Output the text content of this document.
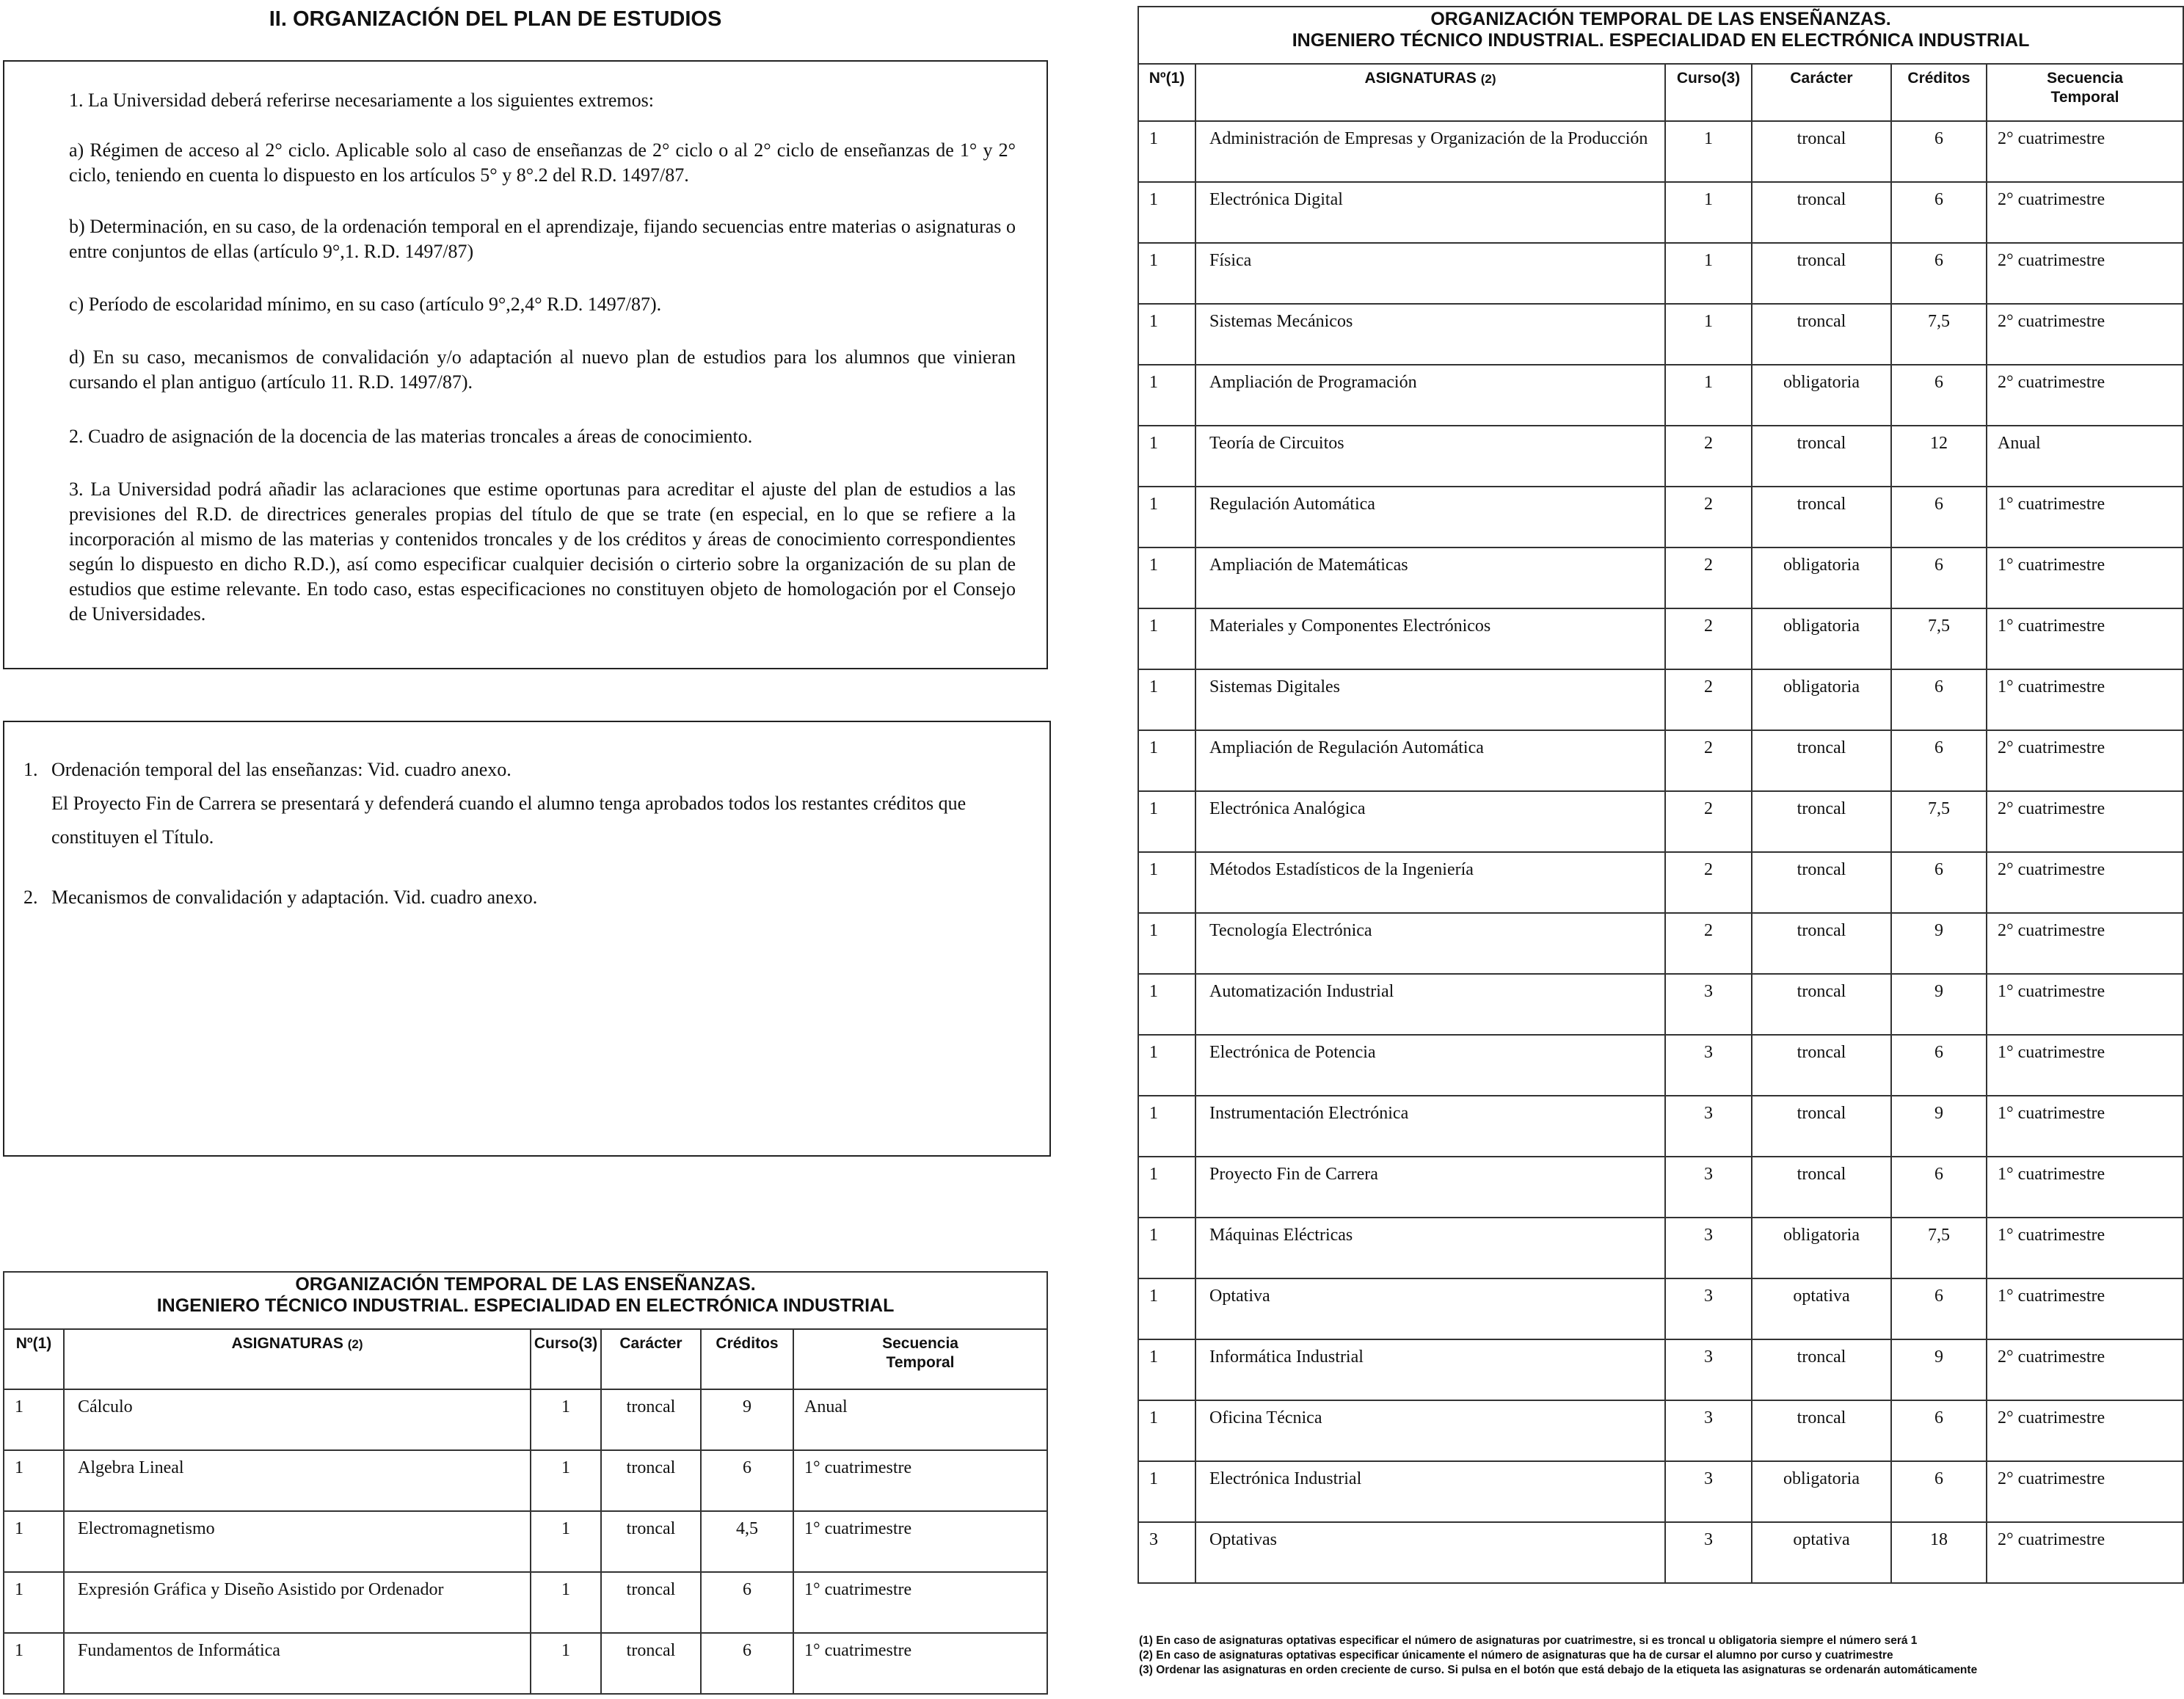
II. ORGANIZACIÓN DEL PLAN DE ESTUDIOS

1. La Universidad deberá referirse necesariamente a los siguientes extremos:

a) Régimen de acceso al 2° ciclo. Aplicable solo al caso de enseñanzas de 2° ciclo o al 2° ciclo de enseñanzas de 1° y 2° ciclo, teniendo en cuenta lo dispuesto en los artículos 5° y 8°.2 del R.D. 1497/87.

b) Determinación, en su caso, de la ordenación temporal en el aprendizaje, fijando secuencias entre materias o asignaturas o entre conjuntos de ellas (artículo 9°,1. R.D. 1497/87)

c) Período de escolaridad mínimo, en su caso (artículo 9°,2,4° R.D. 1497/87).

d) En su caso, mecanismos de convalidación y/o adaptación al nuevo plan de estudios para los alumnos que vinieran cursando el plan antiguo (artículo 11. R.D. 1497/87).

2. Cuadro de asignación de la docencia de las materias troncales a áreas de conocimiento.

3. La Universidad podrá añadir las aclaraciones que estime oportunas para acreditar el ajuste del plan de estudios a las previsiones del R.D. de directrices generales propias del título de que se trate (en especial, en lo que se refiere a la incorporación al mismo de las materias y contenidos troncales y de los créditos y áreas de conocimiento correspondientes según lo dispuesto en dicho R.D.), así como especificar cualquier decisión o cirterio sobre la organización de su plan de estudios que estime relevante. En todo caso, estas especificaciones no constituyen objeto de homologación por el Consejo de Universidades.

1. Ordenación temporal del las enseñanzas: Vid. cuadro anexo.
El Proyecto Fin de Carrera se presentará y defenderá cuando el alumno tenga aprobados todos los restantes créditos que constituyen el Título.
2. Mecanismos de convalidación y adaptación. Vid. cuadro anexo.
ORGANIZACIÓN TEMPORAL DE LAS ENSEÑANZAS.
INGENIERO TÉCNICO INDUSTRIAL. ESPECIALIDAD EN ELECTRÓNICA INDUSTRIAL					

Nº(1)	ASIGNATURAS (2)	Curso(3)	Carácter	Créditos	Secuencia
Temporal

1	Cálculo	1	troncal	9	Anual
1	Algebra Lineal	1	troncal	6	1° cuatrimestre
1	Electromagnetismo	1	troncal	4,5	1° cuatrimestre
1	Expresión Gráfica y Diseño Asistido por Ordenador	1	troncal	6	1° cuatrimestre
1	Fundamentos de Informática	1	troncal	6	1° cuatrimestre
ORGANIZACIÓN TEMPORAL DE LAS ENSEÑANZAS.
INGENIERO TÉCNICO INDUSTRIAL. ESPECIALIDAD EN ELECTRÓNICA INDUSTRIAL					

Nº(1)	ASIGNATURAS (2)	Curso(3)	Carácter	Créditos	Secuencia
Temporal

1	Administración de Empresas y Organización de la Producción	1	troncal	6	2° cuatrimestre
1	Electrónica Digital	1	troncal	6	2° cuatrimestre
1	Física	1	troncal	6	2° cuatrimestre
1	Sistemas Mecánicos	1	troncal	7,5	2° cuatrimestre
1	Ampliación de Programación	1	obligatoria	6	2° cuatrimestre
1	Teoría de Circuitos	2	troncal	12	Anual
1	Regulación Automática	2	troncal	6	1° cuatrimestre
1	Ampliación de Matemáticas	2	obligatoria	6	1° cuatrimestre
1	Materiales y Componentes Electrónicos	2	obligatoria	7,5	1° cuatrimestre
1	Sistemas Digitales	2	obligatoria	6	1° cuatrimestre
1	Ampliación de Regulación Automática	2	troncal	6	2° cuatrimestre
1	Electrónica Analógica	2	troncal	7,5	2° cuatrimestre
1	Métodos Estadísticos de la Ingeniería	2	troncal	6	2° cuatrimestre
1	Tecnología Electrónica	2	troncal	9	2° cuatrimestre
1	Automatización Industrial	3	troncal	9	1° cuatrimestre
1	Electrónica de Potencia	3	troncal	6	1° cuatrimestre
1	Instrumentación Electrónica	3	troncal	9	1° cuatrimestre
1	Proyecto Fin de Carrera	3	troncal	6	1° cuatrimestre
1	Máquinas Eléctricas	3	obligatoria	7,5	1° cuatrimestre
1	Optativa	3	optativa	6	1° cuatrimestre
1	Informática Industrial	3	troncal	9	2° cuatrimestre
1	Oficina Técnica	3	troncal	6	2° cuatrimestre
1	Electrónica Industrial	3	obligatoria	6	2° cuatrimestre
3	Optativas	3	optativa	18	2° cuatrimestre
(1) En caso de asignaturas optativas especificar el número de asignaturas por cuatrimestre, si es troncal u obligatoria siempre el número será 1
(2) En caso de asignaturas optativas especificar únicamente el número de asignaturas que ha de cursar el alumno por curso y cuatrimestre
(3) Ordenar las asignaturas en orden creciente de curso. Si pulsa en el botón que está debajo de la etiqueta las asignaturas se ordenarán automáticamente
